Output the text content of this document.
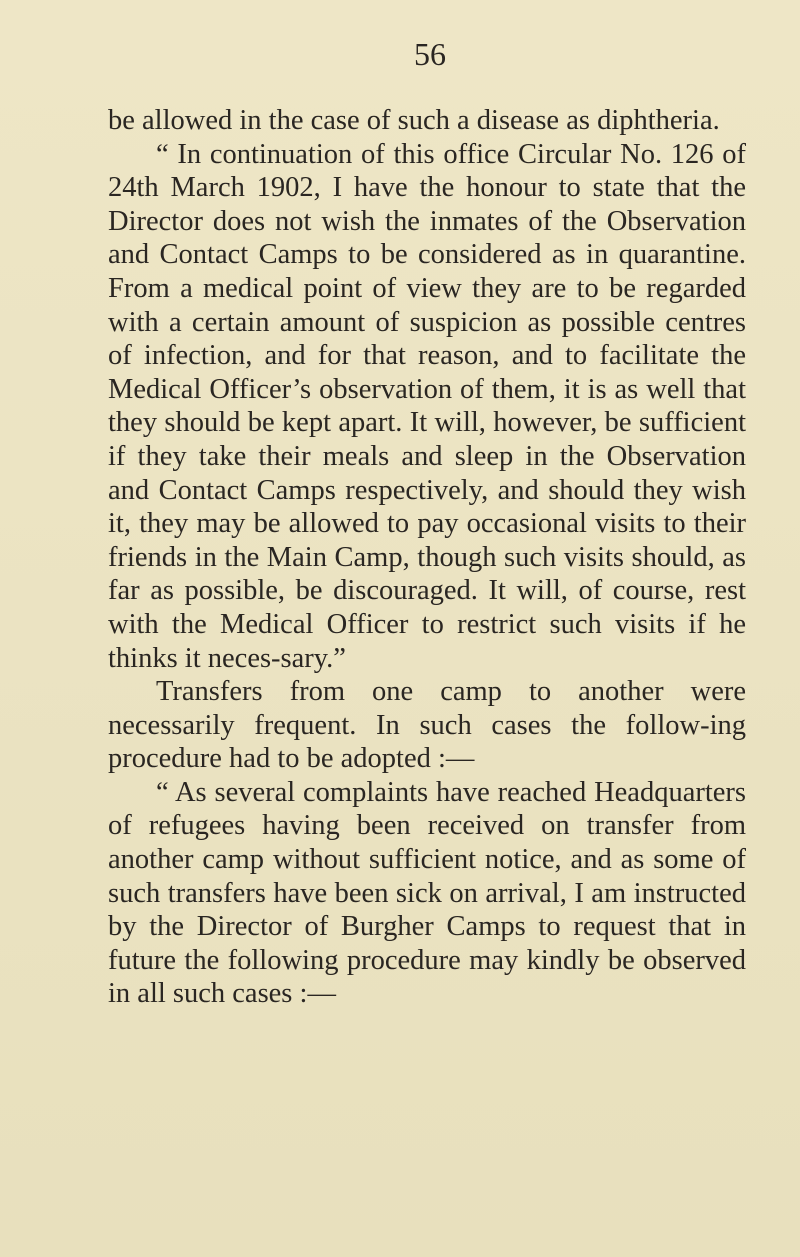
56

be allowed in the case of such a disease as diphtheria.

“ In continuation of this office Circular No. 126 of 24th March 1902, I have the honour to state that the Director does not wish the inmates of the Observation and Contact Camps to be considered as in quarantine. From a medical point of view they are to be regarded with a certain amount of suspicion as possible centres of infection, and for that reason, and to facilitate the Medical Officer’s observation of them, it is as well that they should be kept apart. It will, however, be sufficient if they take their meals and sleep in the Observation and Contact Camps respectively, and should they wish it, they may be allowed to pay occasional visits to their friends in the Main Camp, though such visits should, as far as possible, be discouraged. It will, of course, rest with the Medical Officer to restrict such visits if he thinks it neces-sary.”

Transfers from one camp to another were necessarily frequent. In such cases the follow-ing procedure had to be adopted :—

“ As several complaints have reached Headquarters of refugees having been received on transfer from another camp without sufficient notice, and as some of such transfers have been sick on arrival, I am instructed by the Director of Burgher Camps to request that in future the following procedure may kindly be observed in all such cases :—
